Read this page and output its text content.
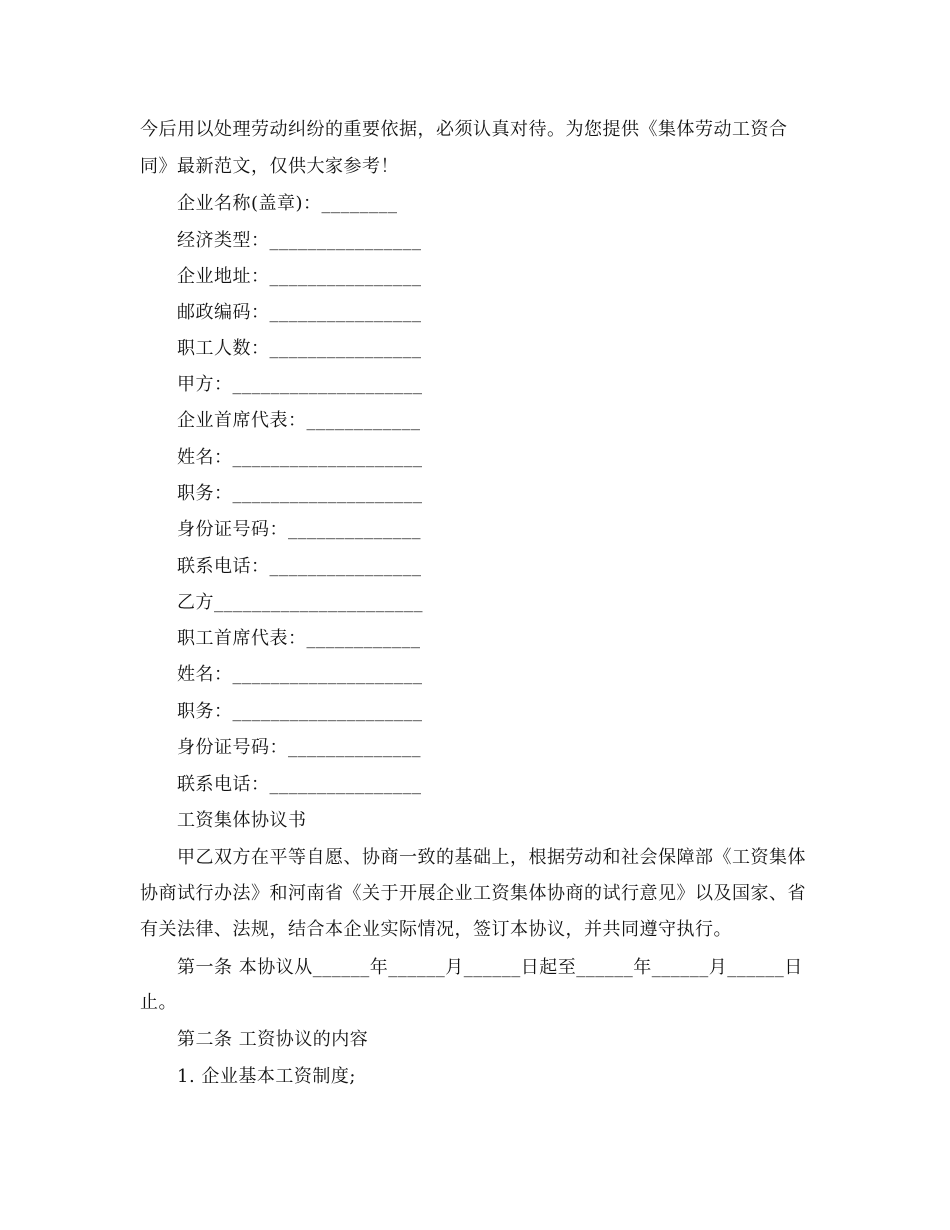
今后用以处理劳动纠纷的重要依据，必须认真对待。为您提供《集体劳动工资合
同》最新范文，仅供大家参考！
企业名称(盖章)：________
经济类型：________________
企业地址：________________
邮政编码：________________
职工人数：________________
甲方：____________________
企业首席代表：____________
姓名：____________________
职务：____________________
身份证号码：______________
联系电话：________________
乙方______________________
职工首席代表：____________
姓名：____________________
职务：____________________
身份证号码：______________
联系电话：________________
工资集体协议书
甲乙双方在平等自愿、协商一致的基础上，根据劳动和社会保障部《工资集体
协商试行办法》和河南省《关于开展企业工资集体协商的试行意见》以及国家、省
有关法律、法规，结合本企业实际情况，签订本协议，并共同遵守执行。
第一条 本协议从______年______月______日起至______年______月______日
止。
第二条 工资协议的内容
1. 企业基本工资制度;
